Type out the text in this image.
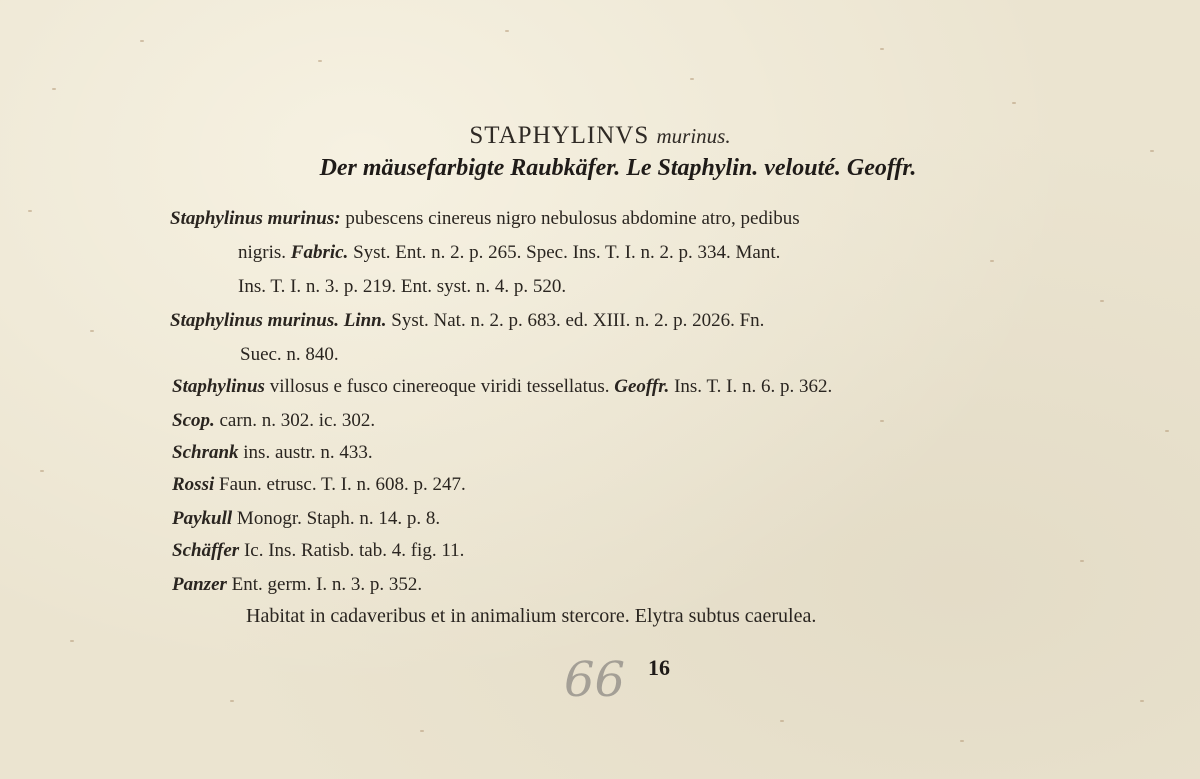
STAPHYLINVS murinus.
Der mäusefarbigte Raubkäfer. Le Staphylin. velouté. Geoffr.
Staphylinus murinus: pubescens cinereus nigro nebulosus abdomine atro, pedibus
nigris. Fabric. Syst. Ent. n. 2. p. 265. Spec. Ins. T. I. n. 2. p. 334. Mant.
Ins. T. I. n. 3. p. 219. Ent. syst. n. 4. p. 520.
Staphylinus murinus. Linn. Syst. Nat. n. 2. p. 683. ed. XIII. n. 2. p. 2026. Fn.
Suec. n. 840.
Staphylinus villosus e fusco cinereoque viridi tessellatus. Geoffr. Ins. T. I. n. 6. p. 362.
Scop. carn. n. 302. ic. 302.
Schrank ins. austr. n. 433.
Rossi Faun. etrusc. T. I. n. 608. p. 247.
Paykull Monogr. Staph. n. 14. p. 8.
Schäffer Ic. Ins. Ratisb. tab. 4. fig. 11.
Panzer Ent. germ. I. n. 3. p. 352.
Habitat in cadaveribus et in animalium stercore. Elytra subtus caerulea.
66 16
